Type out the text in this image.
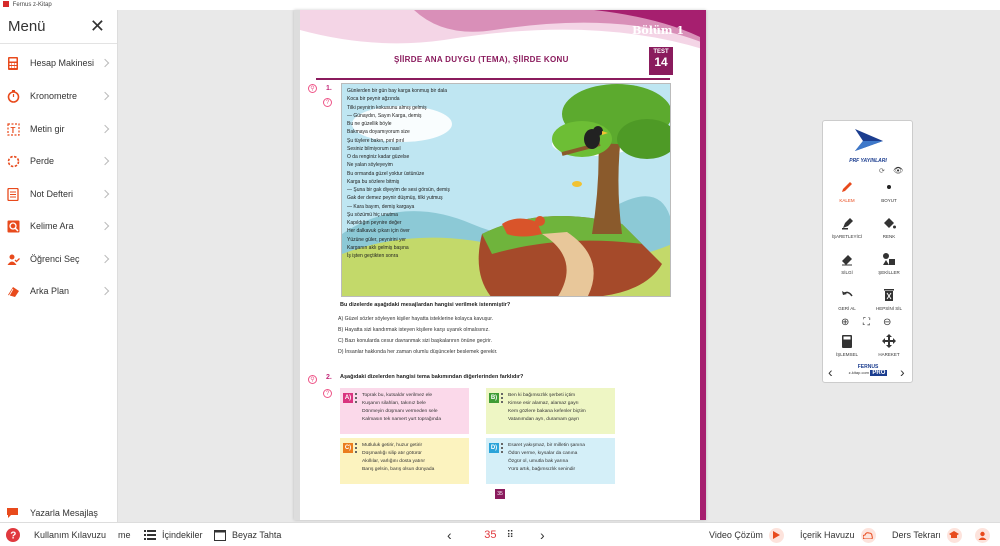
Fernus z-Kitap
Menü ✕
Hesap Makinesi
Kronometre
T Metin gir
Perde
Not Defteri
Kelime Ara
Öğrenci Seç
Arka Plan
Yazarla Mesajlaş
Bölüm 1
TEST
14
ŞİİRDE ANA DUYGU (TEMA), ŞİİRDE KONU
⚲
?
1.	Günlerden bir gün bay karga konmuş bir dala
Koca bir peynir ağzında
Tilki peynirin kokusunu almış gelmiş
— Günaydın, Sayın Karga, demiş
Bu ne güzellik böyle
Bakmaya doyamıyorum size
Şu tüylere bakın, pırıl pırıl
Sesiniz bilmiyorum nasıl
O da renginiz kadar güzelse
Ne yalan söyleyeyim
Bu ormanda güzel yoktur üstünüze
Karga bu sözlere bitmiş
— Şuna bir gak diyeyim de sesi görsün, demiş
Gak der demez peynir düşmüş, tilki yutmuş
— Kara bayım, demiş kargaya
Şu sözümü hiç unutma
Kapıldığın peynire değer
Her dalkavuk çıkarı için över
Yüzüne güler, peynirini yer
Karganın aklı gelmiş başına
İş işten geçtikten sonra
Bu dizelerde aşağıdaki mesajlardan hangisi verilmek istenmiştir?
A) Güzel sözler söyleyen kişiler hayatta isteklerine kolayca kavuşur.
B) Hayatta sizi kandırmak isteyen kişilere karşı uyanık olmalısınız.
C) Bazı konularda cesur davranmak sizi başkalarının önüne geçirir.
D) İnsanlar hakkında her zaman olumlu düşünceler beslemek gerekir.
⚲
?
2. Aşağıdaki dizelerden hangisi tema bakımından diğerlerinden farklıdır?
A)	Toprak bu, kutsaldır verilmez ele
Kuşanın silahları, takınız bele
Dönmeyin düşmanı vermeden sele
Kalmasın tek namert yurt toprağında
B)	Ben ki bağımsızlık şerbeti içtim
Kimse esir alamaz, alamaz gayrı
Kem gözlere bakana kefenler biçtim
Vatanımdan ayrı, duramam gayrı
C)	Mutluluk getirir, huzur getirir
Düşmanlığı silip atır götürür
Akıllılar, varlığını dosta yatırır
Barış gelsin, barış olsun dünyada
D)	Esaret yakışmaz, bir milletin şanına
Ödün verme, kıysalar da canına
Özgür ol, umutla bak yarına
Yürü artık, bağımsızlık senindir
35
PRF YAYINLARI
⟳ 👁
KALEM	BOYUT
İŞARETLEYİCİ	RENK
SİLGİ	ŞEKİLLER
GERİ AL	HEPSİNİ SİL
⊕ ⛶ ⊖
İŞLEMSEL	HAREKET
‹	FERNUS
z-kitap.com PRO	›
? Kullanım Kılavuzu me	İçindekiler	Beyaz Tahta	‹	35 ⠿ ›	Video Çözüm	İçerik Havuzu	Ders Tekrarı
